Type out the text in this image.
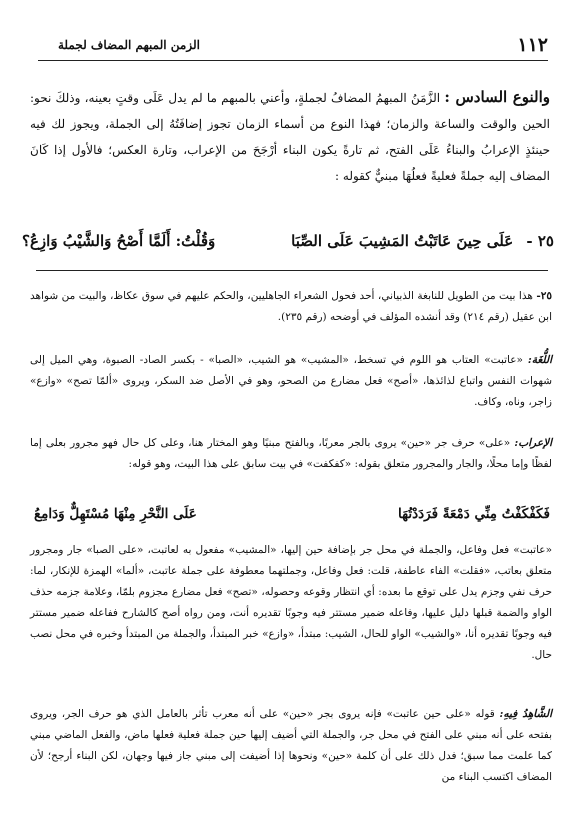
١١٢
الزمن المبهم المضاف لجملة
والنوع السادس : الزَّمَنُ المبهمُ المضافُ لجملةٍ، وأعني بالمبهم ما لم يدل عَلَى وقتٍ بعينه، وذلكَ نحو: الحين والوقت والساعة والزمان؛ فهذا النوع من أسماء الزمان تجوز إضافَتُهُ إلى الجملة، ويجوز لك فيه حينئذٍ الإعرابُ والبناءُ عَلَى الفتح، ثم تارةً يكون البناء أرْجَحَ من الإعراب، وتارة العكس؛ فالأول إذا كَانَ المضاف إليه جملةً فعليةً فعلُهَا مبنيٌّ كقوله :
٢٥ - عَلَى حِينَ عَاتَبْتُ المَشِيبَ عَلَى الصِّبَا
وَقُلْتُ: أَلَمَّا أَصْحُ وَالشَّيْبُ وَازِعُ؟
٢٥- هذا بيت من الطويل للنابغة الذبياني، أحد فحول الشعراء الجاهليين، والحكم عليهم في سوق عكاظ، والبيت من شواهد ابن عقيل (رقم ٢١٤) وقد أنشده المؤلف في أوضحه (رقم ٢٣٥).
اللُّغَة: «عاتبت» العتاب هو اللوم في تسخط، «المشيب» هو الشيب، «الصبا» - بكسر الصاد- الصبوة، وهي الميل إلى شهوات النفس واتباع لذائذها، «أصح» فعل مضارع من الصحو، وهو في الأصل ضد السكر، ويروى «ألمّا تصح» «وازع» زاجر، وناه، وكاف.
الإعراب: «على» حرف جر «حين» يروى بالجر معربًا، وبالفتح مبنيًا وهو المختار هنا، وعلى كل حال فهو مجرور بعلى إما لفظًا وإما محلًا، والجار والمجرور متعلق بقوله: «كفكفت» في بيت سابق على هذا البيت، وهو قوله:
فَكَفْكَفْتُ مِنِّي دَمْعَةً فَرَدَدْتُهَا
عَلَى النَّحْرِ مِنْهَا مُسْتَهِلٌّ وَدَامِعُ
«عاتبت» فعل وفاعل، والجملة في محل جر بإضافة حين إليها، «المشيب» مفعول به لعاتبت، «على الصبا» جار ومجرور متعلق بعاتب، «فقلت» الفاء عاطفة، قلت: فعل وفاعل، وجملتهما معطوفة على جملة عاتبت، «ألما» الهمزة للإنكار، لما: حرف نفي وجزم يدل على توقع ما بعده: أي انتظار وقوعه وحصوله، «تصح» فعل مضارع مجزوم بلمّا، وعلامة جزمه حذف الواو والضمة قبلها دليل عليها، وفاعله ضمير مستتر فيه وجوبًا تقديره أنت، ومن رواه أصح كالشارح ففاعله ضمير مستتر فيه وجوبًا تقديره أنا، «والشيب» الواو للحال، الشيب: مبتدأ، «وازع» خبر المبتدأ، والجملة من المبتدأ وخبره في محل نصب حال.
الشَّاهِدُ فِيهِ: قوله «على حين عاتبت» فإنه يروى بجر «حين» على أنه معرب تأثر بالعامل الذي هو حرف الجر، ويروى بفتحه على أنه مبني على الفتح في محل جر، والجملة التي أضيف إليها حين جملة فعلية فعلها ماض، والفعل الماضي مبني كما علمت مما سبق؛ فدل ذلك على أن كلمة «حين» ونحوها إذا أضيفت إلى مبني جاز فيها وجهان، لكن البناء أرجح؛ لأن المضاف اكتسب البناء من
